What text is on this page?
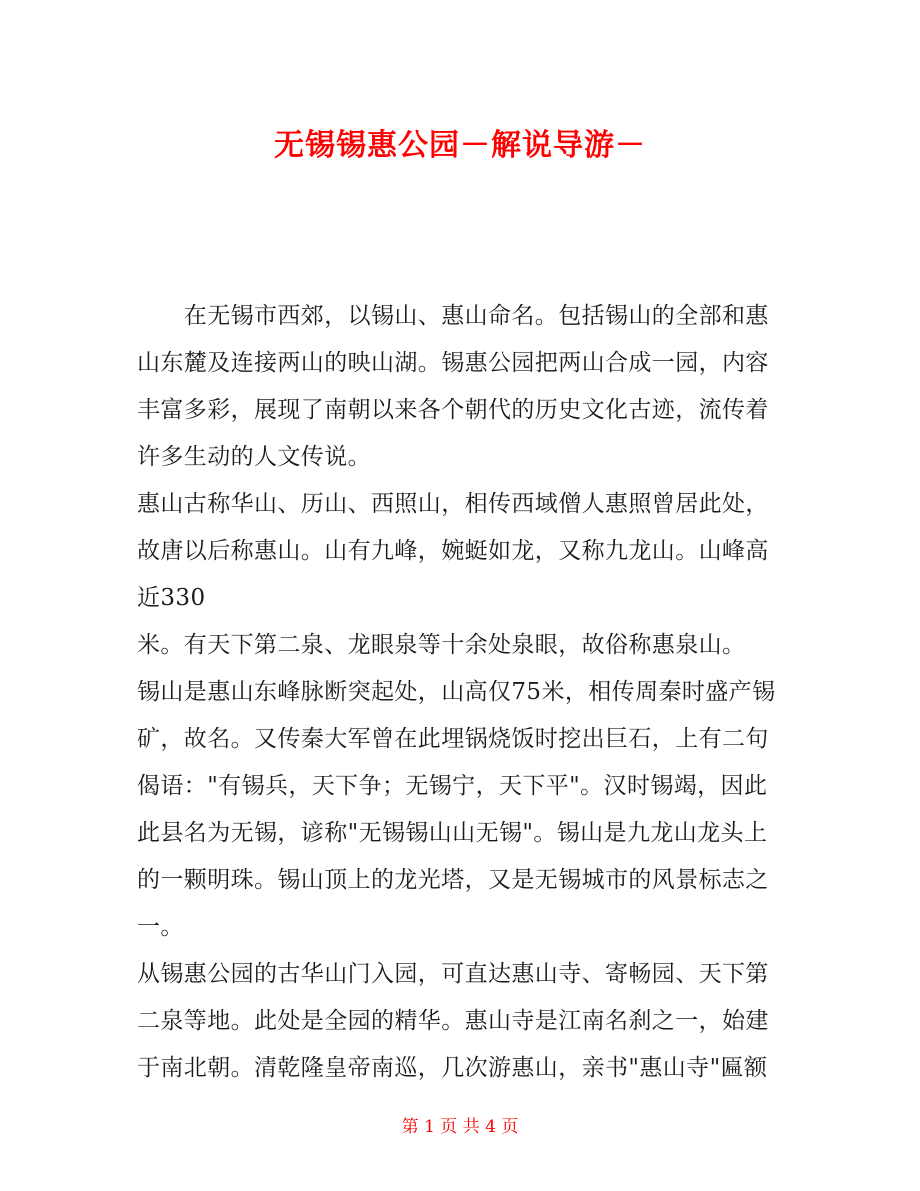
无锡锡惠公园－解说导游－
　　在无锡市西郊，以锡山、惠山命名。包括锡山的全部和惠
山东麓及连接两山的映山湖。锡惠公园把两山合成一园，内容
丰富多彩，展现了南朝以来各个朝代的历史文化古迹，流传着
许多生动的人文传说。
惠山古称华山、历山、西照山，相传西域僧人惠照曾居此处，
故唐以后称惠山。山有九峰，婉蜓如龙，又称九龙山。山峰高
近330
米。有天下第二泉、龙眼泉等十余处泉眼，故俗称惠泉山。
锡山是惠山东峰脉断突起处，山高仅75米，相传周秦时盛产锡
矿，故名。又传秦大军曾在此埋锅烧饭时挖出巨石，上有二句
偈语："有锡兵，天下争；无锡宁，天下平"。汉时锡竭，因此
此县名为无锡，谚称"无锡锡山山无锡"。锡山是九龙山龙头上
的一颗明珠。锡山顶上的龙光塔，又是无锡城市的风景标志之
一。
从锡惠公园的古华山门入园，可直达惠山寺、寄畅园、天下第
二泉等地。此处是全园的精华。惠山寺是江南名刹之一，始建
于南北朝。清乾隆皇帝南巡，几次游惠山，亲书"惠山寺"匾额
第 1 页 共 4 页
